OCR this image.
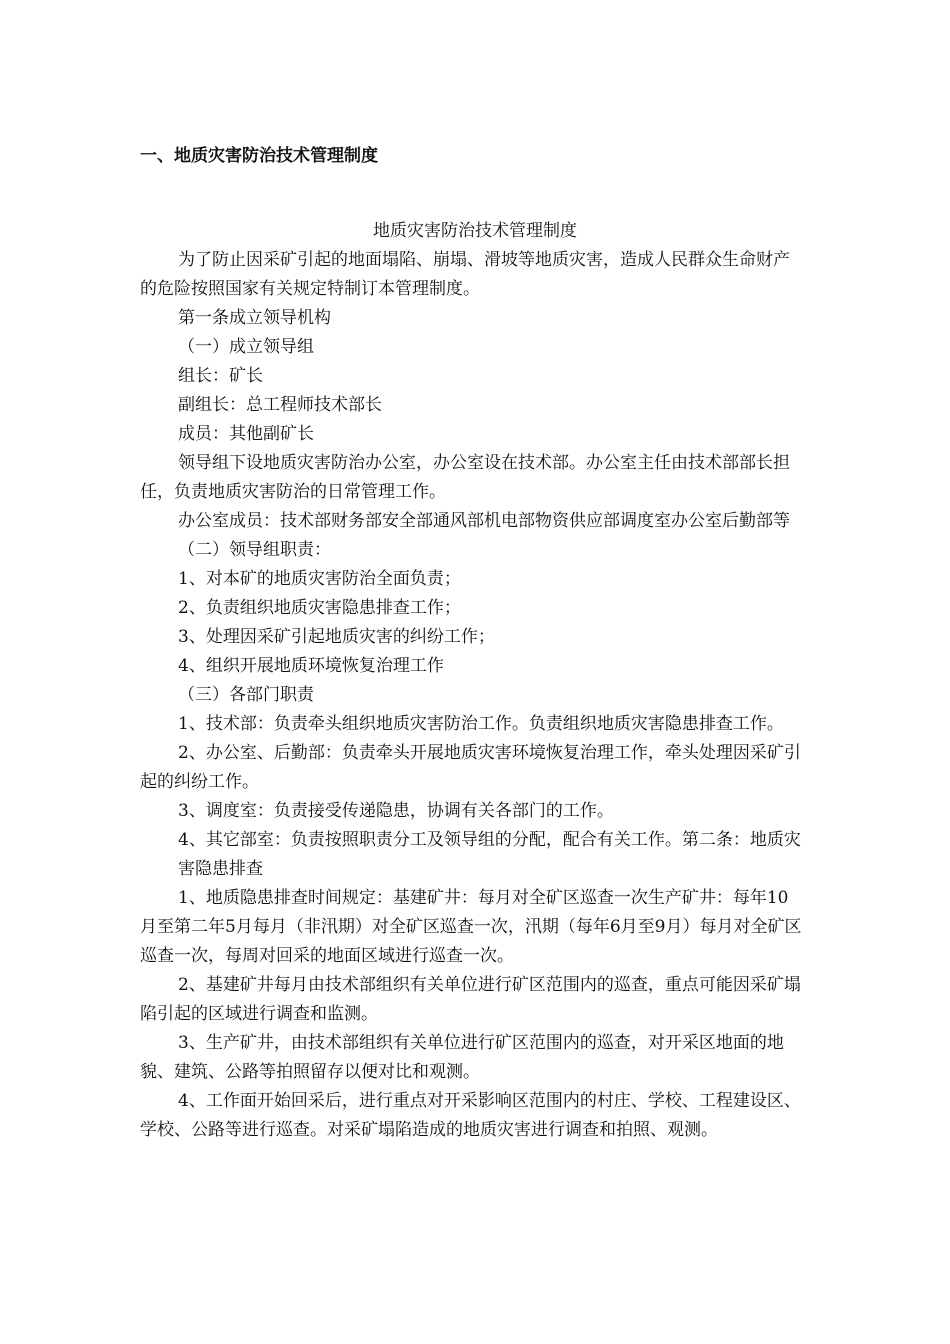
一、地质灾害防治技术管理制度
地质灾害防治技术管理制度

为了防止因采矿引起的地面塌陷、崩塌、滑坡等地质灾害，造成人民群众生命财产的危险按照国家有关规定特制订本管理制度。

第一条成立领导机构

（一）成立领导组

组长：矿长

副组长：总工程师技术部长

成员：其他副矿长

领导组下设地质灾害防治办公室，办公室设在技术部。办公室主任由技术部部长担任，负责地质灾害防治的日常管理工作。

办公室成员：技术部财务部安全部通风部机电部物资供应部调度室办公室后勤部等

（二）领导组职责：

1、对本矿的地质灾害防治全面负责；

2、负责组织地质灾害隐患排查工作；

3、处理因采矿引起地质灾害的纠纷工作；

4、组织开展地质环境恢复治理工作

（三）各部门职责

1、技术部：负责牵头组织地质灾害防治工作。负责组织地质灾害隐患排查工作。

2、办公室、后勤部：负责牵头开展地质灾害环境恢复治理工作，牵头处理因采矿引起的纠纷工作。

3、调度室：负责接受传递隐患，协调有关各部门的工作。

4、其它部室：负责按照职责分工及领导组的分配，配合有关工作。第二条：地质灾害隐患排查

1、地质隐患排查时间规定：基建矿井：每月对全矿区巡查一次生产矿井：每年10月至第二年5月每月（非汛期）对全矿区巡查一次，汛期（每年6月至9月）每月对全矿区巡查一次，每周对回采的地面区域进行巡查一次。

2、基建矿井每月由技术部组织有关单位进行矿区范围内的巡查，重点可能因采矿塌陷引起的区域进行调查和监测。

3、生产矿井，由技术部组织有关单位进行矿区范围内的巡查，对开采区地面的地貌、建筑、公路等拍照留存以便对比和观测。

4、工作面开始回采后，进行重点对开采影响区范围内的村庄、学校、工程建设区、学校、公路等进行巡查。对采矿塌陷造成的地质灾害进行调查和拍照、观测。
